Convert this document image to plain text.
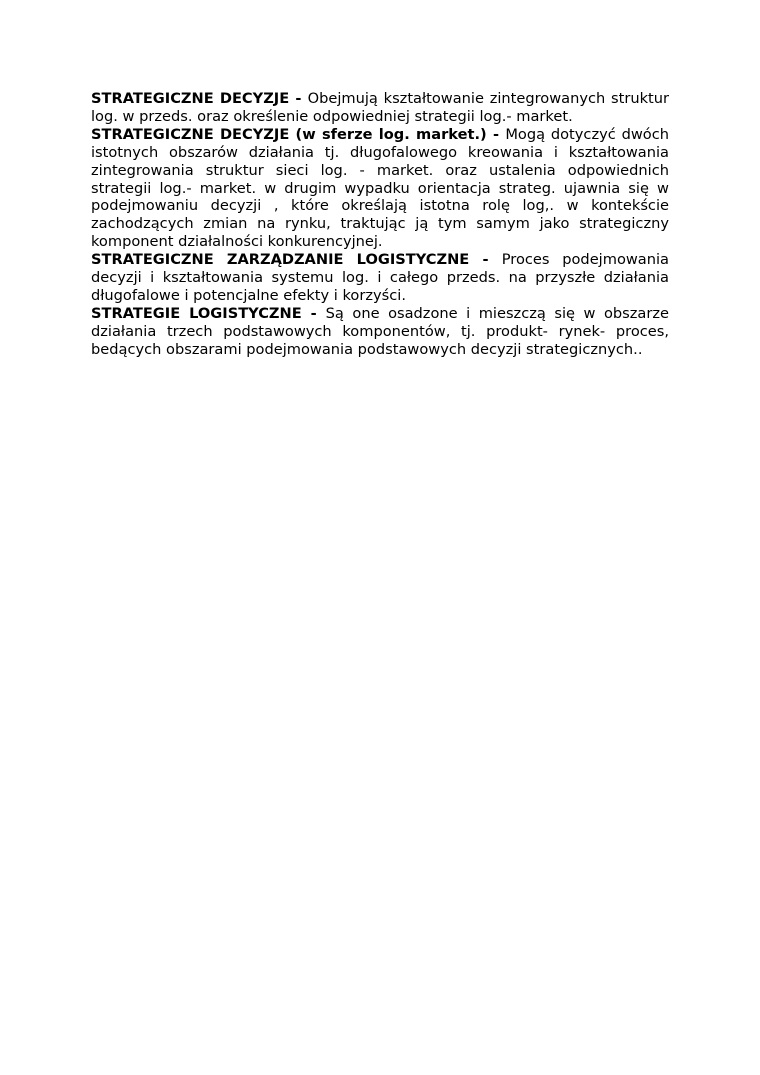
STRATEGICZNE DECYZJE - Obejmują kształtowanie zintegrowanych struktur log. w przeds. oraz określenie odpowiedniej strategii log.- market.

STRATEGICZNE DECYZJE (w sferze log. market.) - Mogą dotyczyć dwóch istotnych obszarów działania tj. długofalowego kreowania i kształtowania zintegrowania struktur sieci log. - market. oraz ustalenia odpowiednich strategii log.- market. w drugim wypadku orientacja strateg. ujawnia się w podejmowaniu decyzji , które określają istotna rolę log,. w kontekście zachodzących zmian na rynku, traktując ją tym samym jako strategiczny komponent działalności konkurencyjnej.

STRATEGICZNE ZARZĄDZANIE LOGISTYCZNE - Proces podejmowania decyzji i kształtowania systemu log. i całego przeds. na przyszłe działania długofalowe i potencjalne efekty i korzyści.

STRATEGIE LOGISTYCZNE - Są one osadzone i mieszczą się w obszarze działania trzech podstawowych komponentów, tj. produkt- rynek- proces, bedących obszarami podejmowania podstawowych decyzji strategicznych..
